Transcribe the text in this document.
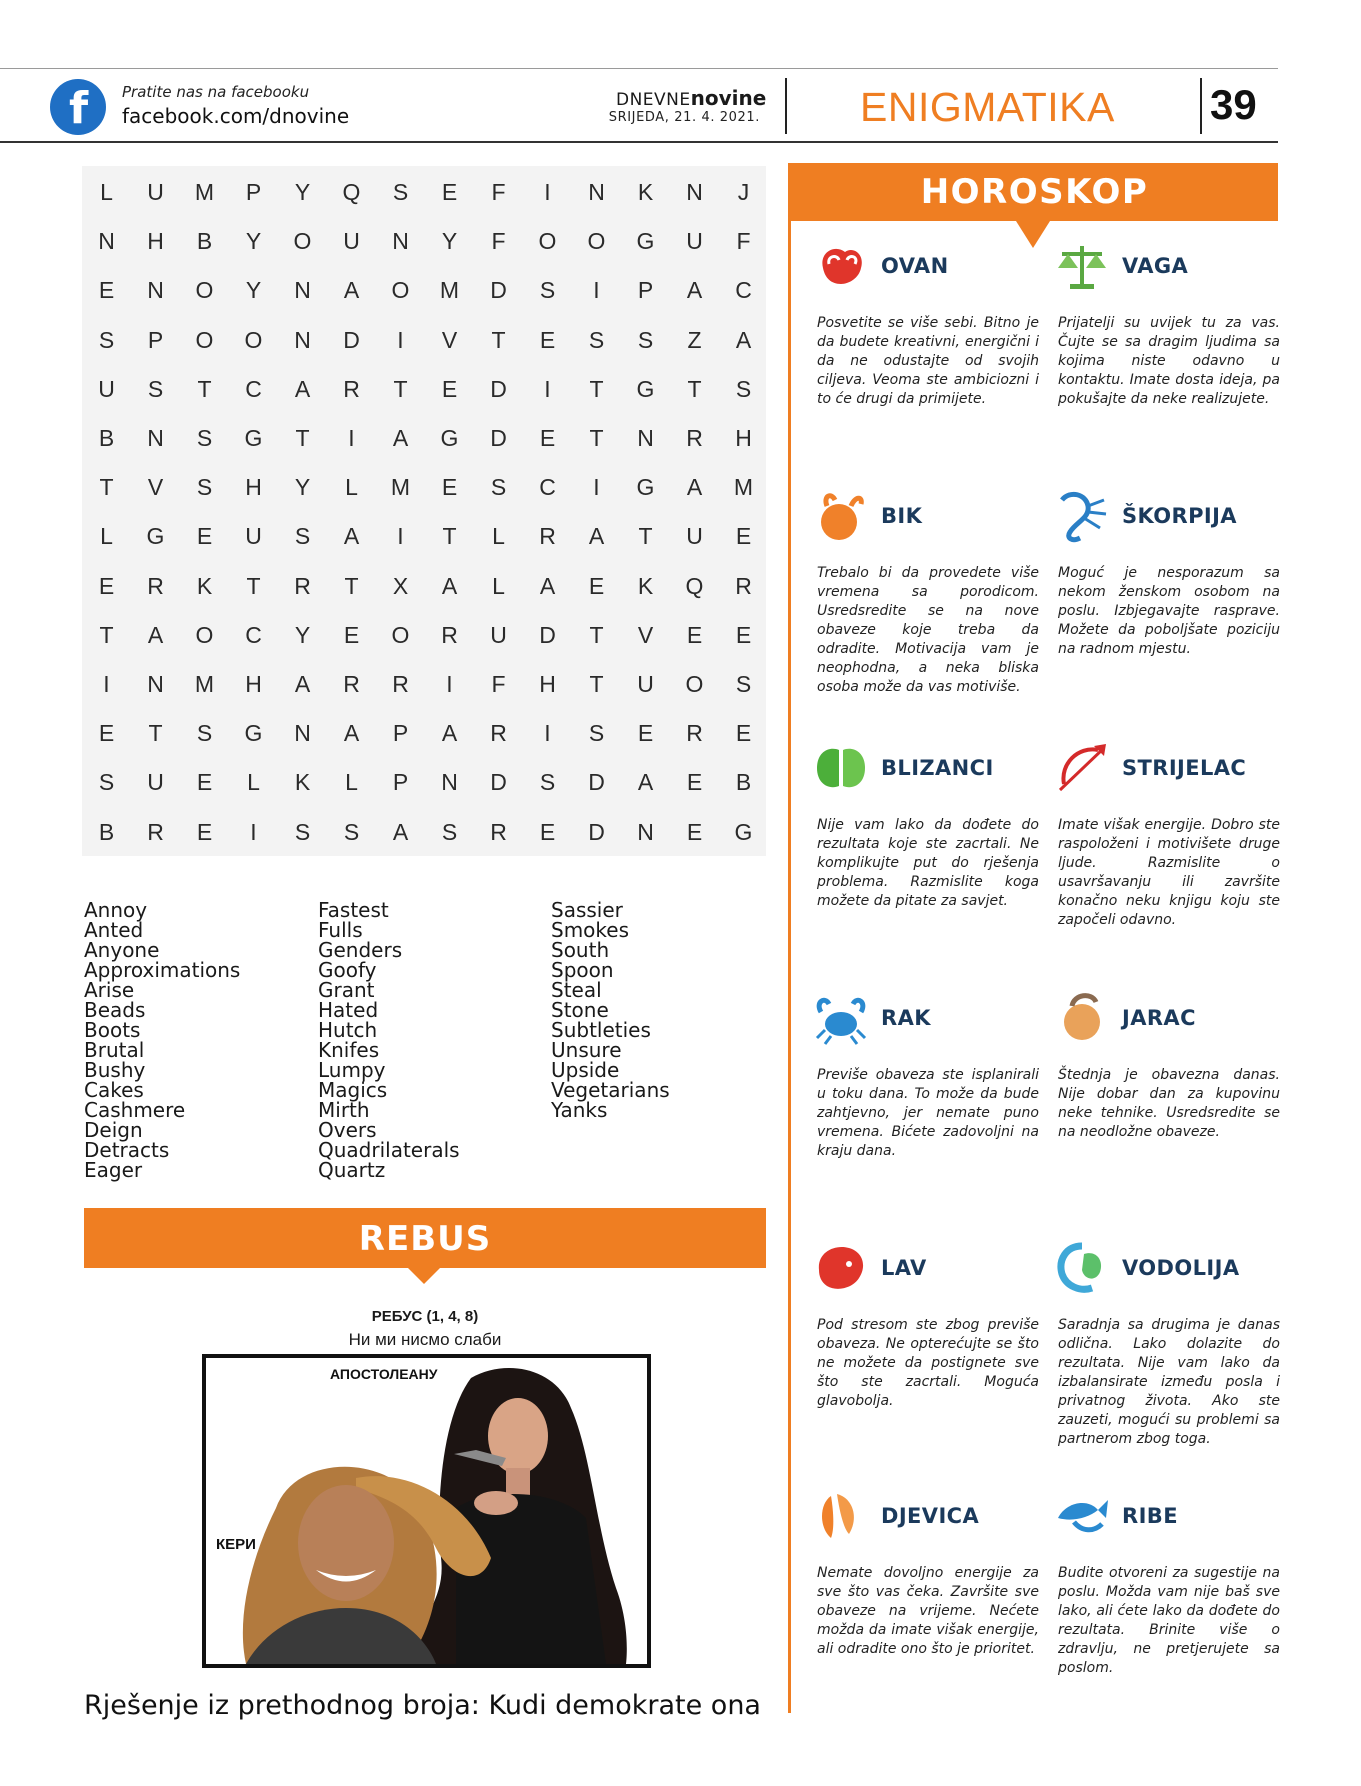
f Pratite nas na facebooku
facebook.com/dnovine
DNEVNEnovine
SRIJEDA, 21. 4. 2021. ENIGMATIKA 39
L	U	M	P	Y	Q	S	E	F	I	N	K	N	J
N	H	B	Y	O	U	N	Y	F	O	O	G	U	F
E	N	O	Y	N	A	O	M	D	S	I	P	A	C
S	P	O	O	N	D	I	V	T	E	S	S	Z	A
U	S	T	C	A	R	T	E	D	I	T	G	T	S
B	N	S	G	T	I	A	G	D	E	T	N	R	H
T	V	S	H	Y	L	M	E	S	C	I	G	A	M
L	G	E	U	S	A	I	T	L	R	A	T	U	E
E	R	K	T	R	T	X	A	L	A	E	K	Q	R
T	A	O	C	Y	E	O	R	U	D	T	V	E	E
I	N	M	H	A	R	R	I	F	H	T	U	O	S
E	T	S	G	N	A	P	A	R	I	S	E	R	E
S	U	E	L	K	L	P	N	D	S	D	A	E	B
B	R	E	I	S	S	A	S	R	E	D	N	E	G
Annoy
Anted
Anyone
Approximations
Arise
Beads
Boots
Brutal
Bushy
Cakes
Cashmere
Deign
Detracts
Eager
Fastest
Fulls
Genders
Goofy
Grant
Hated
Hutch
Knifes
Lumpy
Magics
Mirth
Overs
Quadrilaterals
Quartz
Sassier
Smokes
South
Spoon
Steal
Stone
Subtleties
Unsure
Upside
Vegetarians
Yanks
REBUS
РЕБУС (1, 4, 8)
Ни ми нисмо слаби
АПОСТОЛЕАНУ
КЕРИ
Rješenje iz prethodnog broja: Kudi demokrate ona
HOROSKOP
OVAN
Posvetite se više sebi. Bitno je da budete kreativni, energični i da ne odustajte od svojih ciljeva. Veoma ste ambiciozni i to će drugi da primijete.
VAGA
Prijatelji su uvijek tu za vas. Čujte se sa dragim ljudima sa kojima niste odavno u kontaktu. Imate dosta ideja, pa pokušajte da neke realizujete.
BIK
Trebalo bi da provedete više vremena sa porodicom. Usredsredite se na nove obaveze koje treba da odradite. Motivacija vam je neophodna, a neka bliska osoba može da vas motiviše.
ŠKORPIJA
Moguć je nesporazum sa nekom ženskom osobom na poslu. Izbjegavajte rasprave. Možete da poboljšate poziciju na radnom mjestu.
BLIZANCI
Nije vam lako da dođete do rezultata koje ste zacrtali. Ne komplikujte put do rješenja problema. Razmislite koga možete da pitate za savjet.
STRIJELAC
Imate višak energije. Dobro ste raspoloženi i motivišete druge ljude. Razmislite o usavršavanju ili završite konačno neku knjigu koju ste započeli odavno.
RAK
Previše obaveza ste isplanirali u toku dana. To može da bude zahtjevno, jer nemate puno vremena. Bićete zadovoljni na kraju dana.
JARAC
Štednja je obavezna danas. Nije dobar dan za kupovinu neke tehnike. Usredsredite se na neodložne obaveze.
LAV
Pod stresom ste zbog previše obaveza. Ne opterećujte se što ne možete da postignete sve što ste zacrtali. Moguća glavobolja.
VODOLIJA
Saradnja sa drugima je danas odlična. Lako dolazite do rezultata. Nije vam lako da izbalansirate između posla i privatnog života. Ako ste zauzeti, mogući su problemi sa partnerom zbog toga.
DJEVICA
Nemate dovoljno energije za sve što vas čeka. Završite sve obaveze na vrijeme. Nećete možda da imate višak energije, ali odradite ono što je prioritet.
RIBE
Budite otvoreni za sugestije na poslu. Možda vam nije baš sve lako, ali ćete lako da dođete do rezultata. Brinite više o zdravlju, ne pretjerujete sa poslom.
